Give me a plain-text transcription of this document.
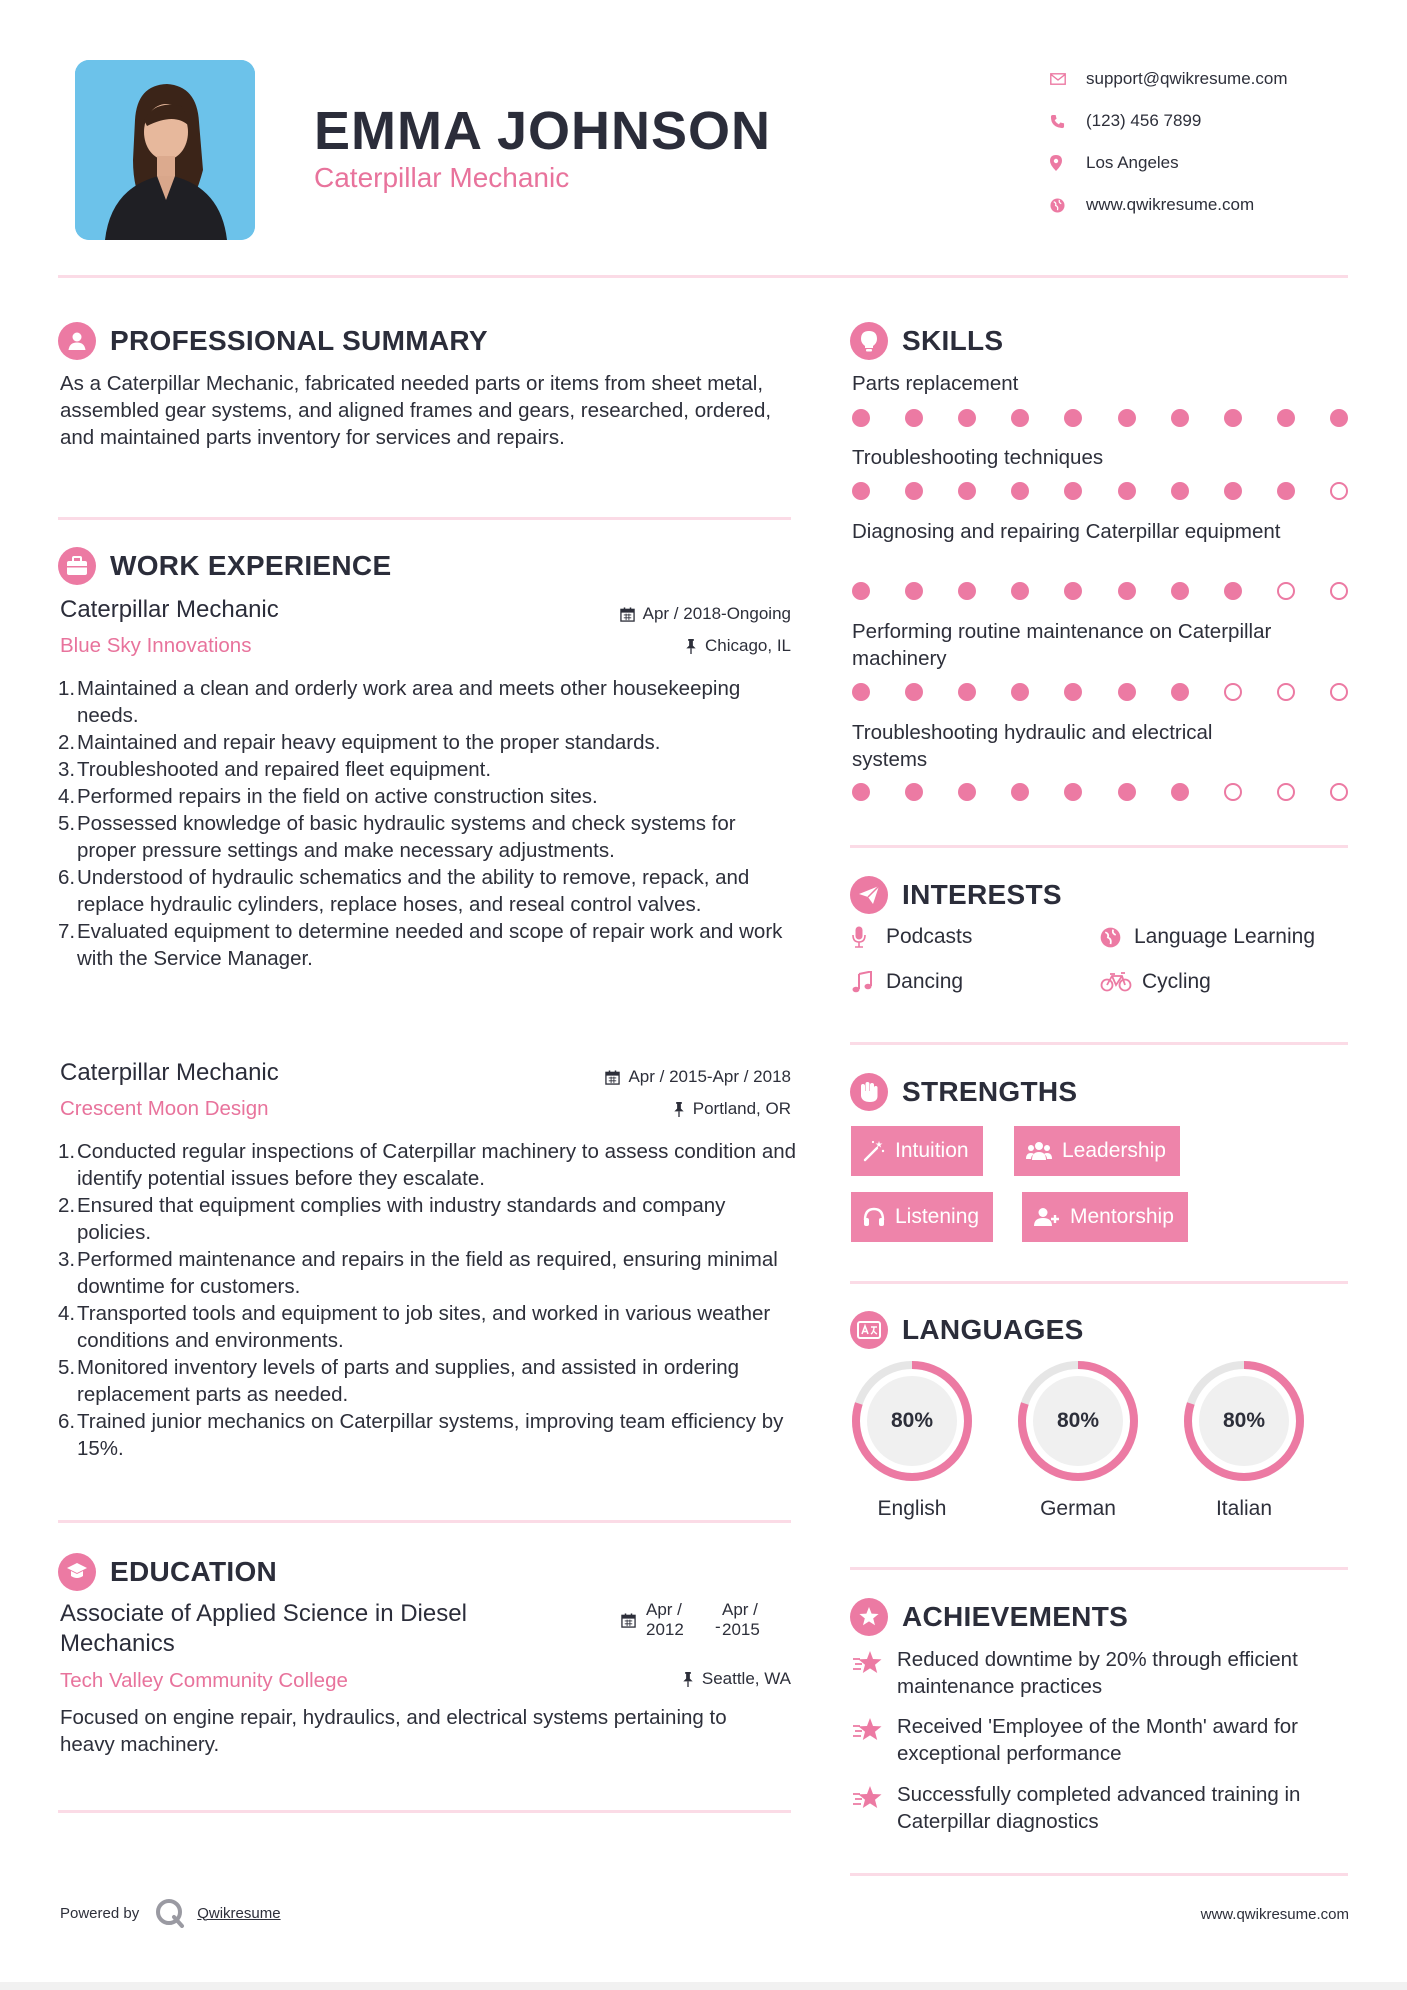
EMMA JOHNSON
Caterpillar Mechanic
support@qwikresume.com
(123) 456 7899
Los Angeles
www.qwikresume.com
PROFESSIONAL SUMMARY
As a Caterpillar Mechanic, fabricated needed parts or items from sheet metal, assembled gear systems, and aligned frames and gears, researched, ordered, and maintained parts inventory for services and repairs.
WORK EXPERIENCE
Caterpillar Mechanic
Blue Sky Innovations
Apr / 2018-Ongoing
Chicago, IL
1. Maintained a clean and orderly work area and meets other housekeeping needs.
2. Maintained and repair heavy equipment to the proper standards.
3. Troubleshooted and repaired fleet equipment.
4. Performed repairs in the field on active construction sites.
5. Possessed knowledge of basic hydraulic systems and check systems for proper pressure settings and make necessary adjustments.
6. Understood of hydraulic schematics and the ability to remove, repack, and replace hydraulic cylinders, replace hoses, and reseal control valves.
7. Evaluated equipment to determine needed and scope of repair work and work with the Service Manager.
Caterpillar Mechanic
Crescent Moon Design
Apr / 2015-Apr / 2018
Portland, OR
1. Conducted regular inspections of Caterpillar machinery to assess condition and identify potential issues before they escalate.
2. Ensured that equipment complies with industry standards and company policies.
3. Performed maintenance and repairs in the field as required, ensuring minimal downtime for customers.
4. Transported tools and equipment to job sites, and worked in various weather conditions and environments.
5. Monitored inventory levels of parts and supplies, and assisted in ordering replacement parts as needed.
6. Trained junior mechanics on Caterpillar systems, improving team efficiency by 15%.
EDUCATION
Associate of Applied Science in Diesel
Mechanics
Tech Valley Community College
Apr /
2012 -
Apr /
2015
Seattle, WA
Focused on engine repair, hydraulics, and electrical systems pertaining to heavy machinery.
SKILLS
Parts replacement
Troubleshooting techniques
Diagnosing and repairing Caterpillar equipment
Performing routine maintenance on Caterpillar machinery
Troubleshooting hydraulic and electrical systems
INTERESTS
Podcasts	Language Learning
Dancing	Cycling
STRENGTHS
Intuition	Leadership
Listening	Mentorship
LANGUAGES
80%
English
80%
German
80%
Italian
ACHIEVEMENTS
Reduced downtime by 20% through efficient maintenance practices
Received 'Employee of the Month' award for exceptional performance
Successfully completed advanced training in Caterpillar diagnostics
Powered by	Qwikresume	www.qwikresume.com
